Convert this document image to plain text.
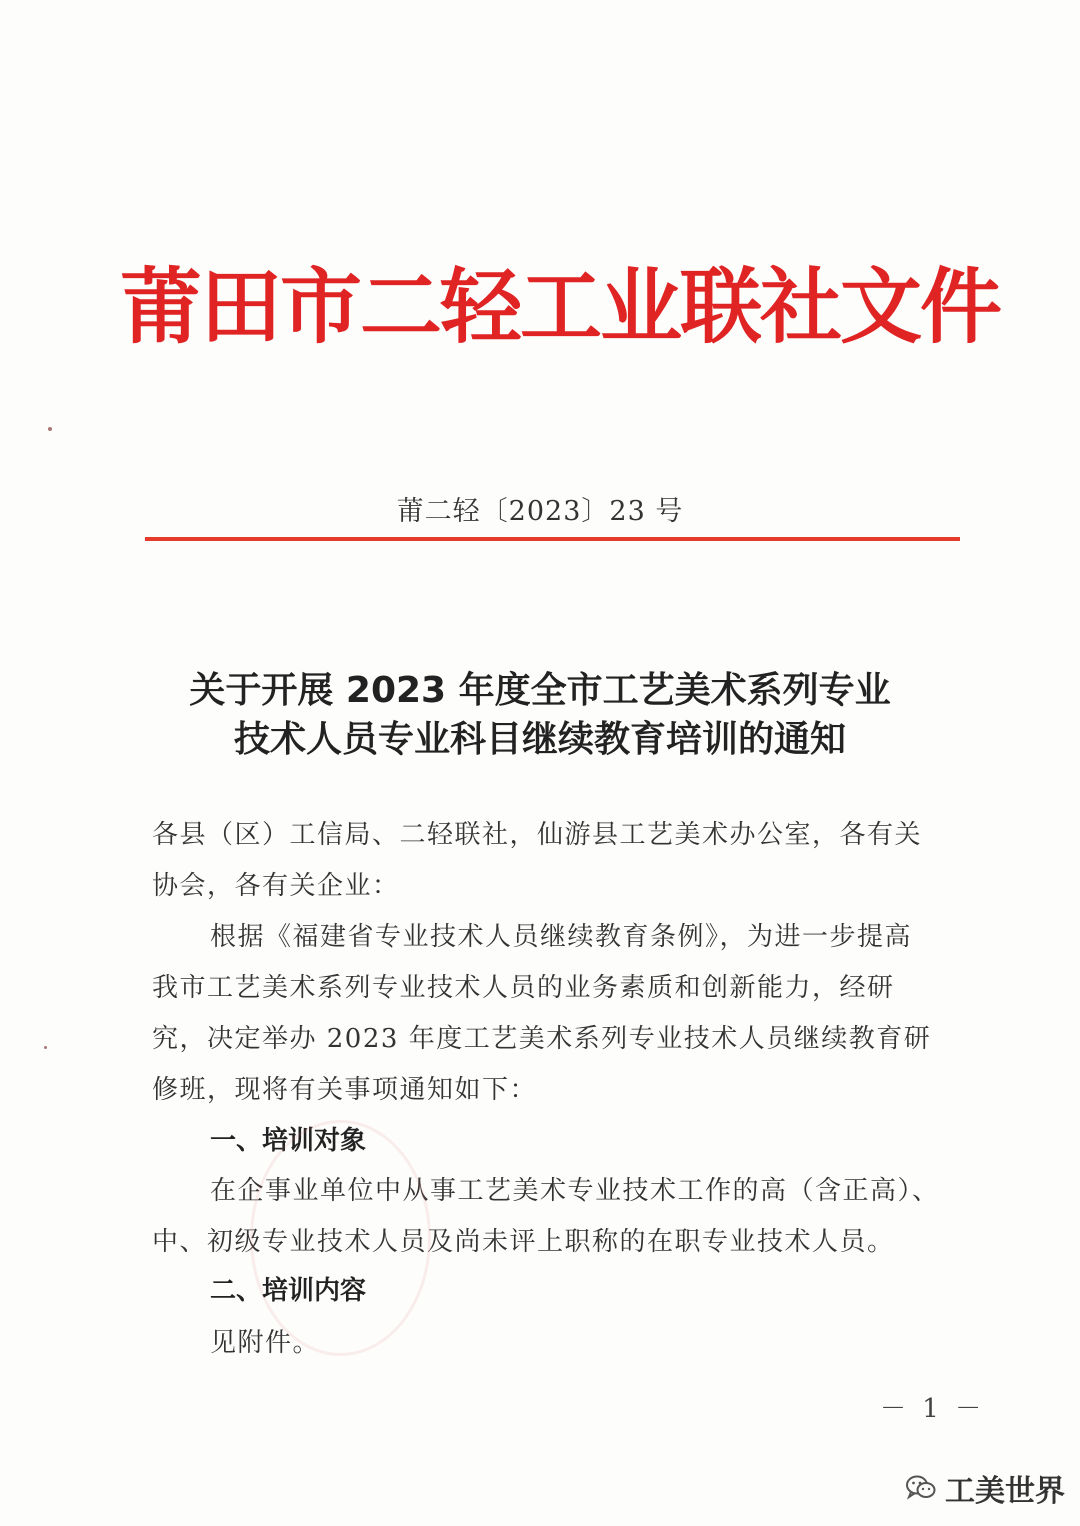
莆田市二轻工业联社文件
莆二轻〔2023〕23 号
关于开展 2023 年度全市工艺美术系列专业
技术人员专业科目继续教育培训的通知
各县（区）工信局、二轻联社，仙游县工艺美术办公室，各有关
协会，各有关企业：
根据《福建省专业技术人员继续教育条例》，为进一步提高
我市工艺美术系列专业技术人员的业务素质和创新能力，经研
究，决定举办 2023 年度工艺美术系列专业技术人员继续教育研
修班，现将有关事项通知如下：
一、培训对象
在企事业单位中从事工艺美术专业技术工作的高（含正高）、
中、初级专业技术人员及尚未评上职称的在职专业技术人员。
二、培训内容
见附件。
－ 1 －
工美世界
